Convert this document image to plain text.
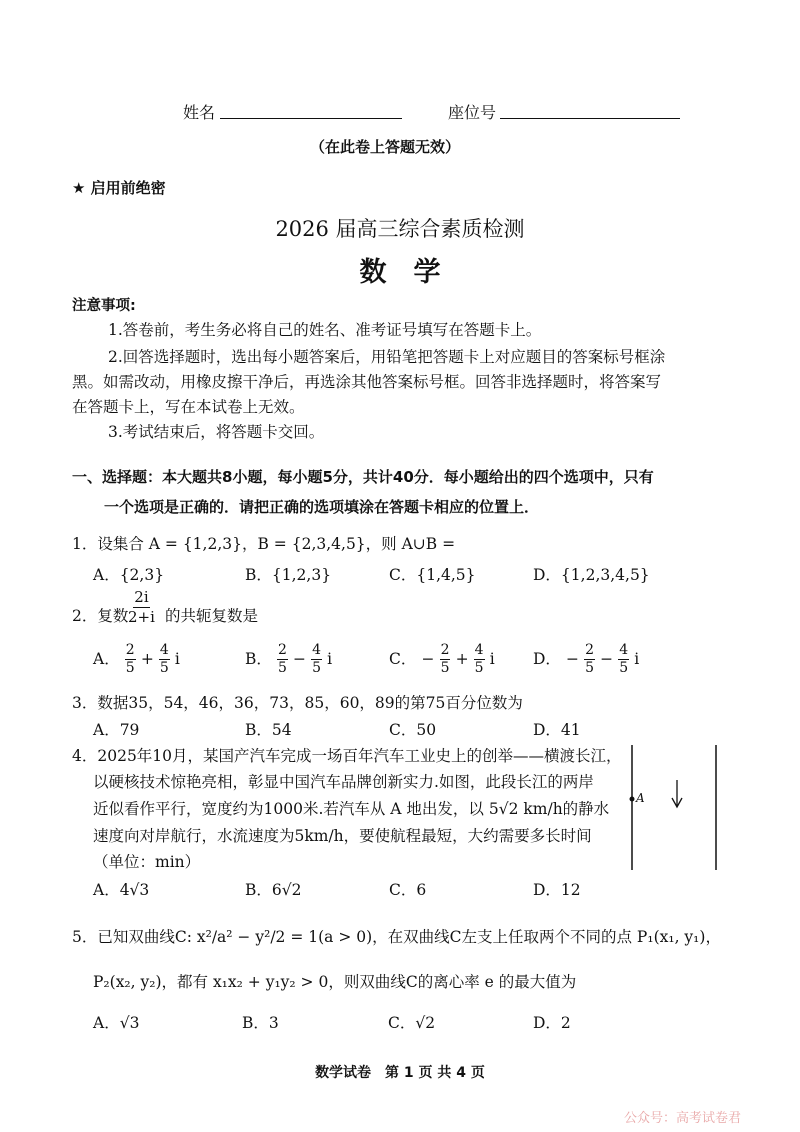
姓名	座位号
（在此卷上答题无效）
★ 启用前绝密
2026 届高三综合素质检测
数　学
注意事项:
1.答卷前，考生务必将自己的姓名、准考证号填写在答题卡上。
2.回答选择题时，选出每小题答案后，用铅笔把答题卡上对应题目的答案标号框涂
黑。如需改动，用橡皮擦干净后，再选涂其他答案标号框。回答非选择题时，将答案写
在答题卡上，写在本试卷上无效。
3.考试结束后，将答题卡交回。
一、选择题：本大题共8小题，每小题5分，共计40分．每小题给出的四个选项中，只有
一个选项是正确的．请把正确的选项填涂在答题卡相应的位置上．
1．设集合 A = {1,2,3}，B = {2,3,4,5}，则 A∪B =
A．{2,3}	B．{1,2,3}	C．{1,4,5}	D．{1,2,3,4,5}
2．复数 $\frac{2i}{2+i}$ 的共轭复数是
A． $\frac{2}{5} + \frac{4}{5}$ i	B． $\frac{2}{5} - \frac{4}{5}$ i	C． − $\frac{2}{5} + \frac{4}{5}$ i D． − $\frac{2}{5} - \frac{4}{5}$ i
3．数据35，54，46，36，73，85，60，89的第75百分位数为
A．79	B．54	C．50	D．41
4．2025年10月，某国产汽车完成一场百年汽车工业史上的创举——横渡长江，
以硬核技术惊艳亮相，彰显中国汽车品牌创新实力.如图，此段长江的两岸
近似看作平行，宽度约为1000米.若汽车从 A 地出发，以 5√2 km/h的静水
速度向对岸航行，水流速度为5km/h，要使航程最短，大约需要多长时间
（单位：min）
A
A．4√3	B．6√2	C．6	D．12
5．已知双曲线C: x²/a² − y²/2 = 1(a > 0)，在双曲线C左支上任取两个不同的点 P₁(x₁, y₁)，
P₂(x₂, y₂)，都有 x₁x₂ + y₁y₂ > 0，则双曲线C的离心率 e 的最大值为
A．√3	B．3	C．√2	D．2
数学试卷　第 1 页 共 4 页
公众号：高考试卷君
